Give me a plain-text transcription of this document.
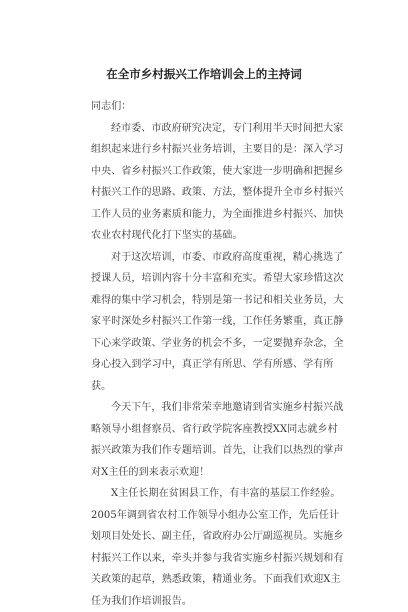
在全市乡村振兴工作培训会上的主持词

同志们：

经市委、市政府研究决定，专门利用半天时间把大家组织起来进行乡村振兴业务培训，主要目的是：深入学习中央、省乡村振兴工作政策，使大家进一步明确和把握乡村振兴工作的思路、政策、方法，整体提升全市乡村振兴工作人员的业务素质和能力，为全面推进乡村振兴、加快农业农村现代化打下坚实的基础。

对于这次培训，市委、市政府高度重视，精心挑选了授课人员，培训内容十分丰富和充实。希望大家珍惜这次难得的集中学习机会，特别是第一书记和相关业务员，大家平时深处乡村振兴工作第一线，工作任务繁重，真正静下心来学政策、学业务的机会不多，一定要抛弃杂念，全身心投入到学习中，真正学有所思、学有所感、学有所获。

今天下午，我们非常荣幸地邀请到省实施乡村振兴战略领导小组督察员、省行政学院客座教授XX同志就乡村振兴政策为我们作专题培训。首先，让我们以热烈的掌声对X主任的到来表示欢迎！

X主任长期在贫困县工作，有丰富的基层工作经验。2005年调到省农村工作领导小组办公室工作，先后任计划项目处处长、副主任，省政府办公厅副巡视员。实施乡村振兴工作以来，牵头并参与我省实施乡村振兴规划和有关政策的起草，熟悉政策，精通业务。下面我们欢迎X主任为我们作培训报告。
